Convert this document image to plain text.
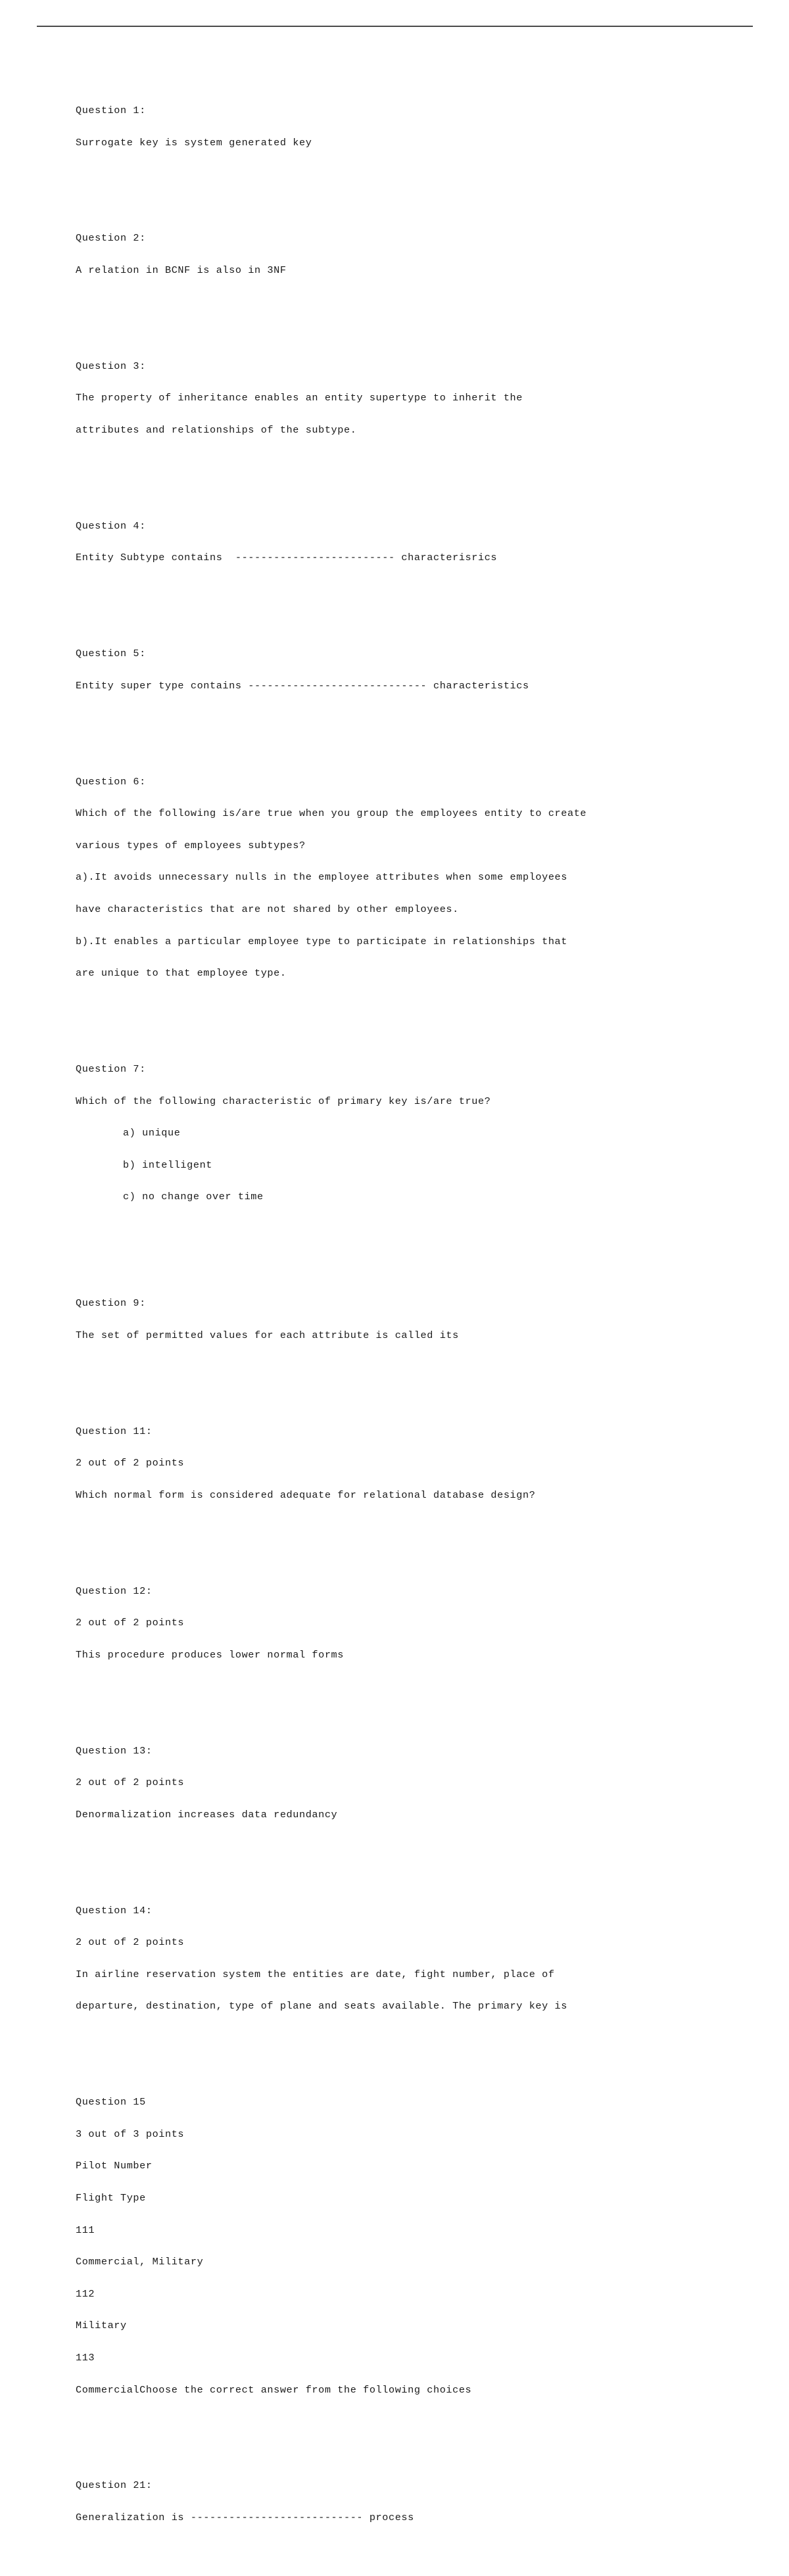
Question 1:

Surrogate key is system generated key

Question 2:

A relation in BCNF is also in 3NF

Question 3:

The property of inheritance enables an entity supertype to inherit the

attributes and relationships of the subtype.

Question 4:

Entity Subtype contains  ------------------------- characterisrics

Question 5:

Entity super type contains ---------------------------- characteristics

Question 6:

Which of the following is/are true when you group the employees entity to create

various types of employees subtypes?

a).It avoids unnecessary nulls in the employee attributes when some employees

have characteristics that are not shared by other employees.

b).It enables a particular employee type to participate in relationships that

are unique to that employee type.

Question 7:

Which of the following characteristic of primary key is/are true?

a) unique

b) intelligent

c) no change over time

Question 9:

The set of permitted values for each attribute is called its

Question 11:

2 out of 2 points

Which normal form is considered adequate for relational database design?

Question 12:

2 out of 2 points

This procedure produces lower normal forms

Question 13:

2 out of 2 points

Denormalization increases data redundancy

Question 14:

2 out of 2 points

In airline reservation system the entities are date, fight number, place of

departure, destination, type of plane and seats available. The primary key is

Question 15

3 out of 3 points

Pilot Number

Flight Type

111

Commercial, Military

112

Military

113

CommercialChoose the correct answer from the following choices

Question 21:

Generalization is --------------------------- process
